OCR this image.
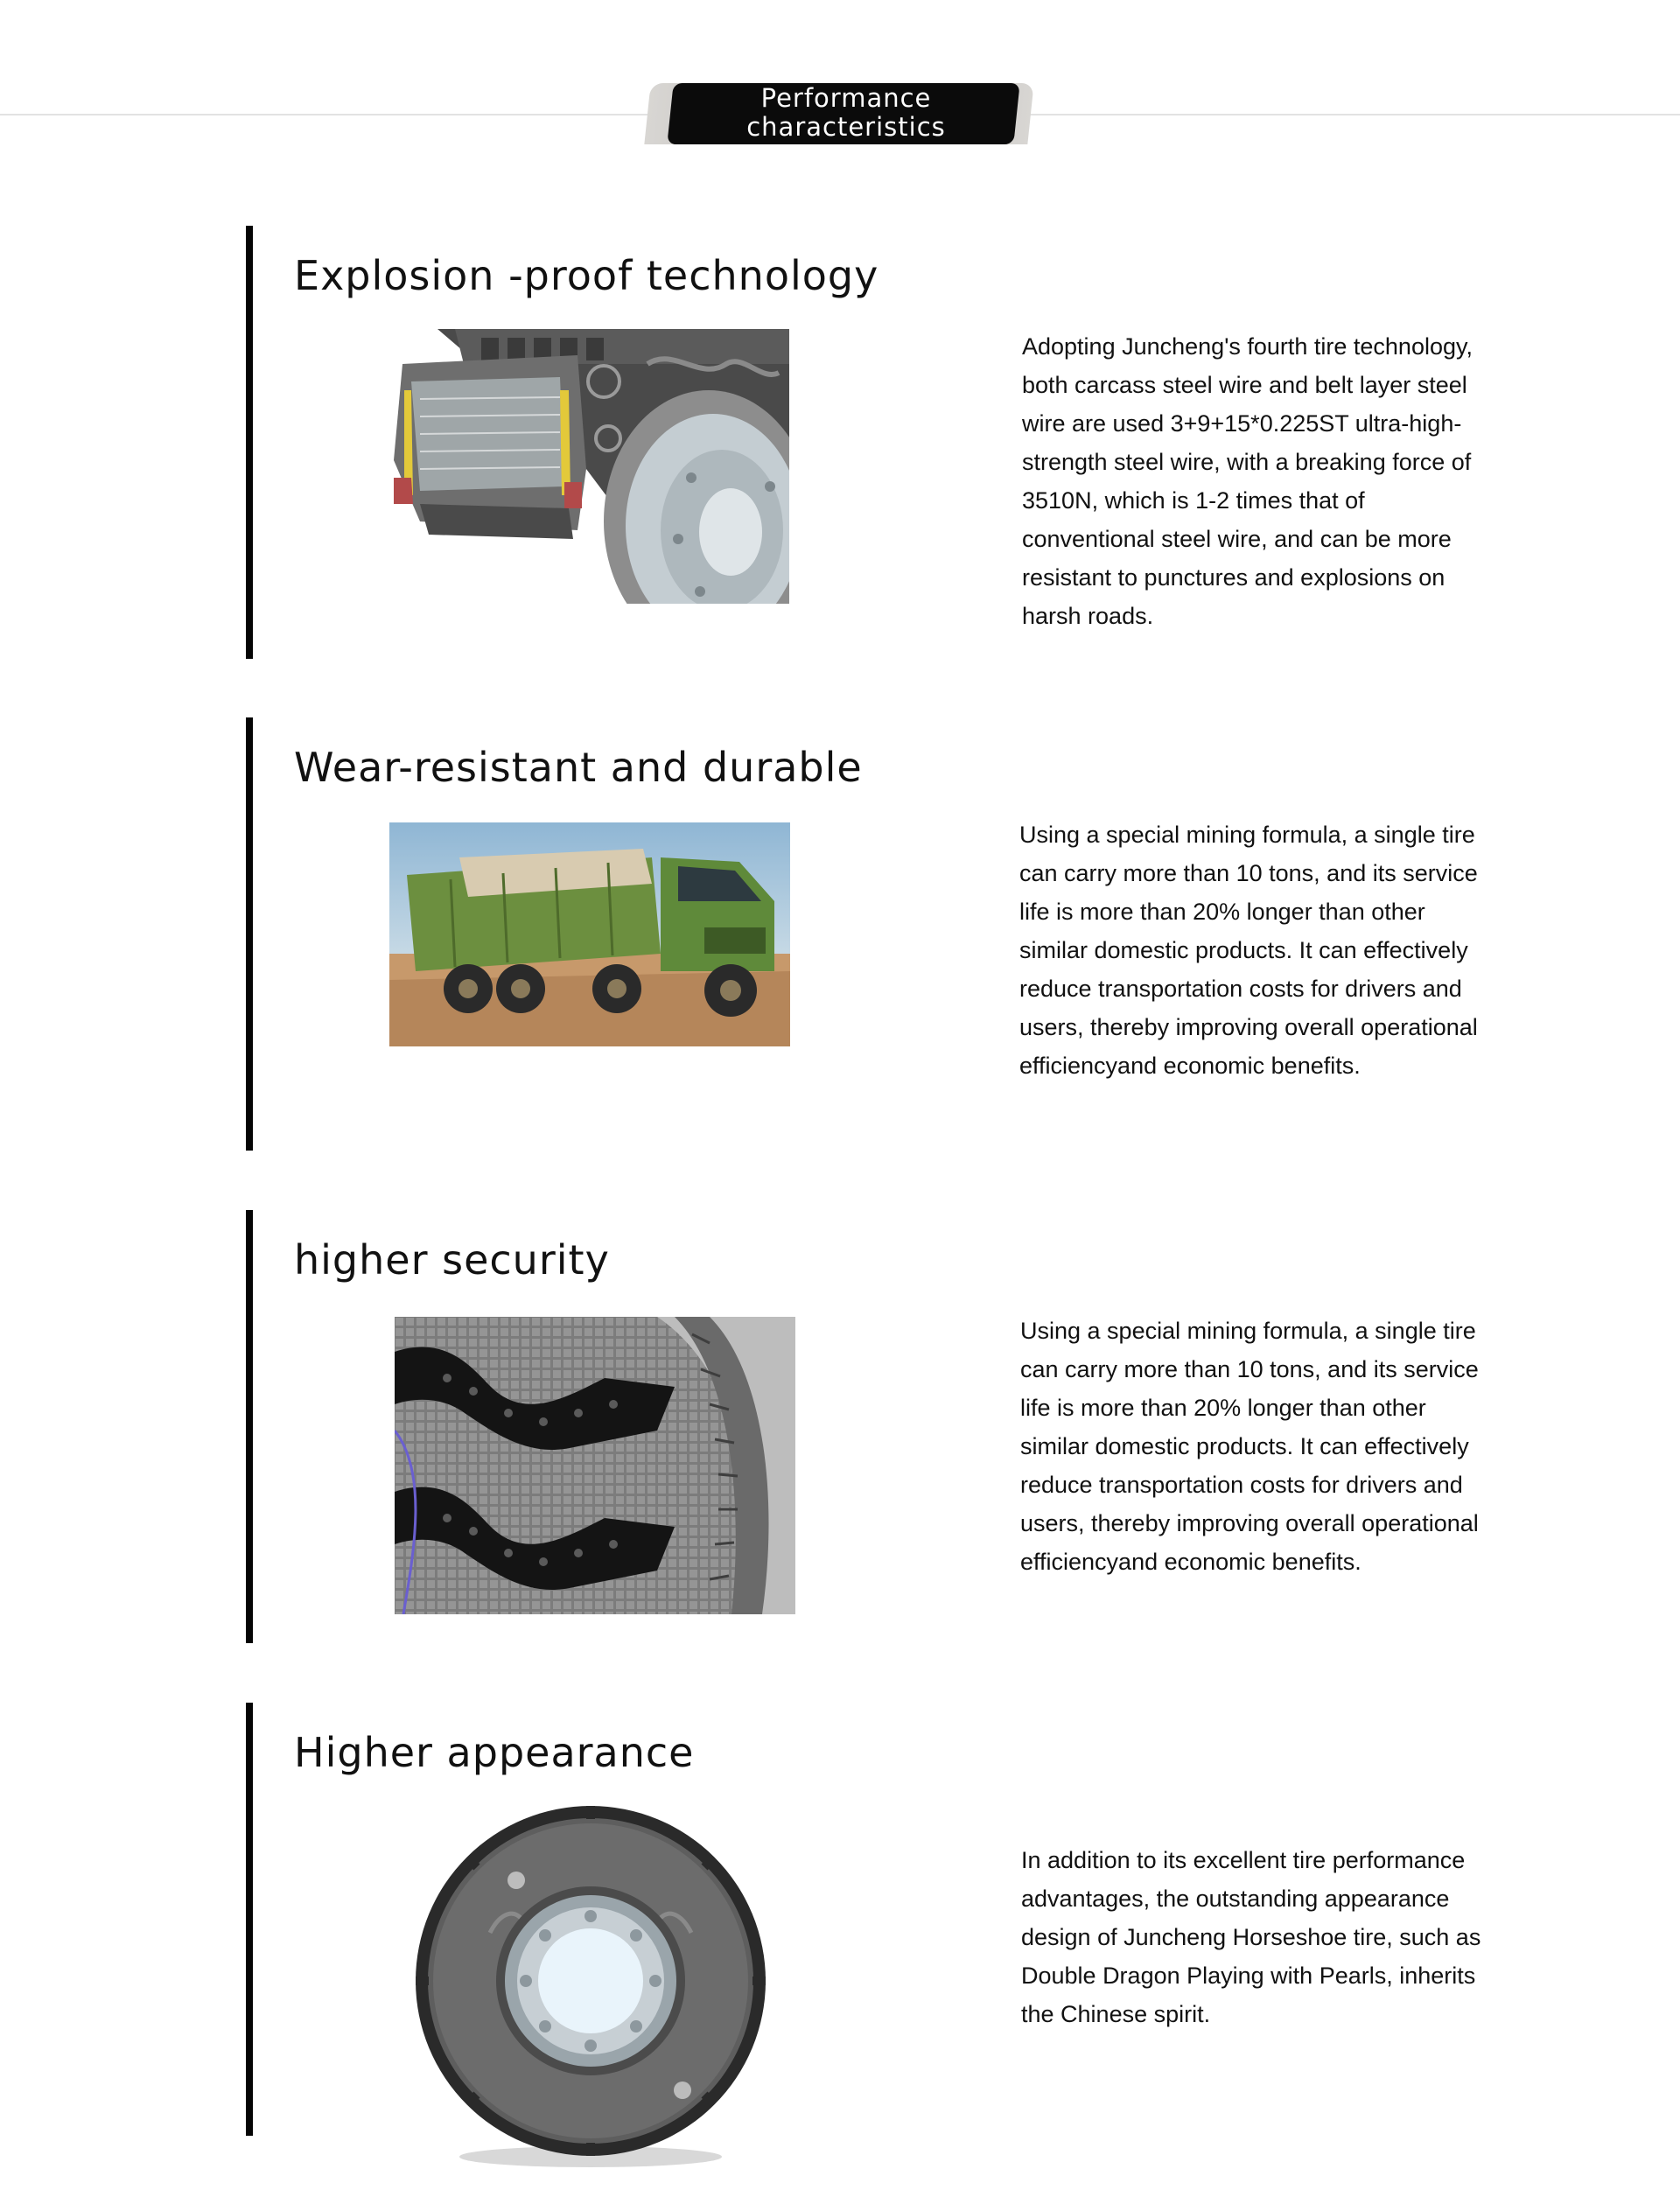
Performance characteristics
Explosion -proof technology
Adopting Juncheng's fourth tire technology, both carcass steel wire and belt layer steel wire are used 3+9+15*0.225ST ultra-high-strength steel wire, with a breaking force of 3510N, which is 1-2 times that of conventional steel wire, and can be more resistant to punctures and explosions on harsh roads.
Wear-resistant and durable
Using a special mining formula, a single tire can carry more than 10 tons, and its service life is more than 20% longer than other similar domestic products. It can effectively reduce transportation costs for drivers and users, thereby improving overall operational efficiencyand economic benefits.
higher security
Using a special mining formula, a single tire can carry more than 10 tons, and its service life is more than 20% longer than other similar domestic products. It can effectively reduce transportation costs for drivers and users, thereby improving overall operational efficiencyand economic benefits.
Higher appearance
In addition to its excellent tire performance advantages, the outstanding appearance design of Juncheng Horseshoe tire, such as Double Dragon Playing with Pearls, inherits the Chinese spirit.
